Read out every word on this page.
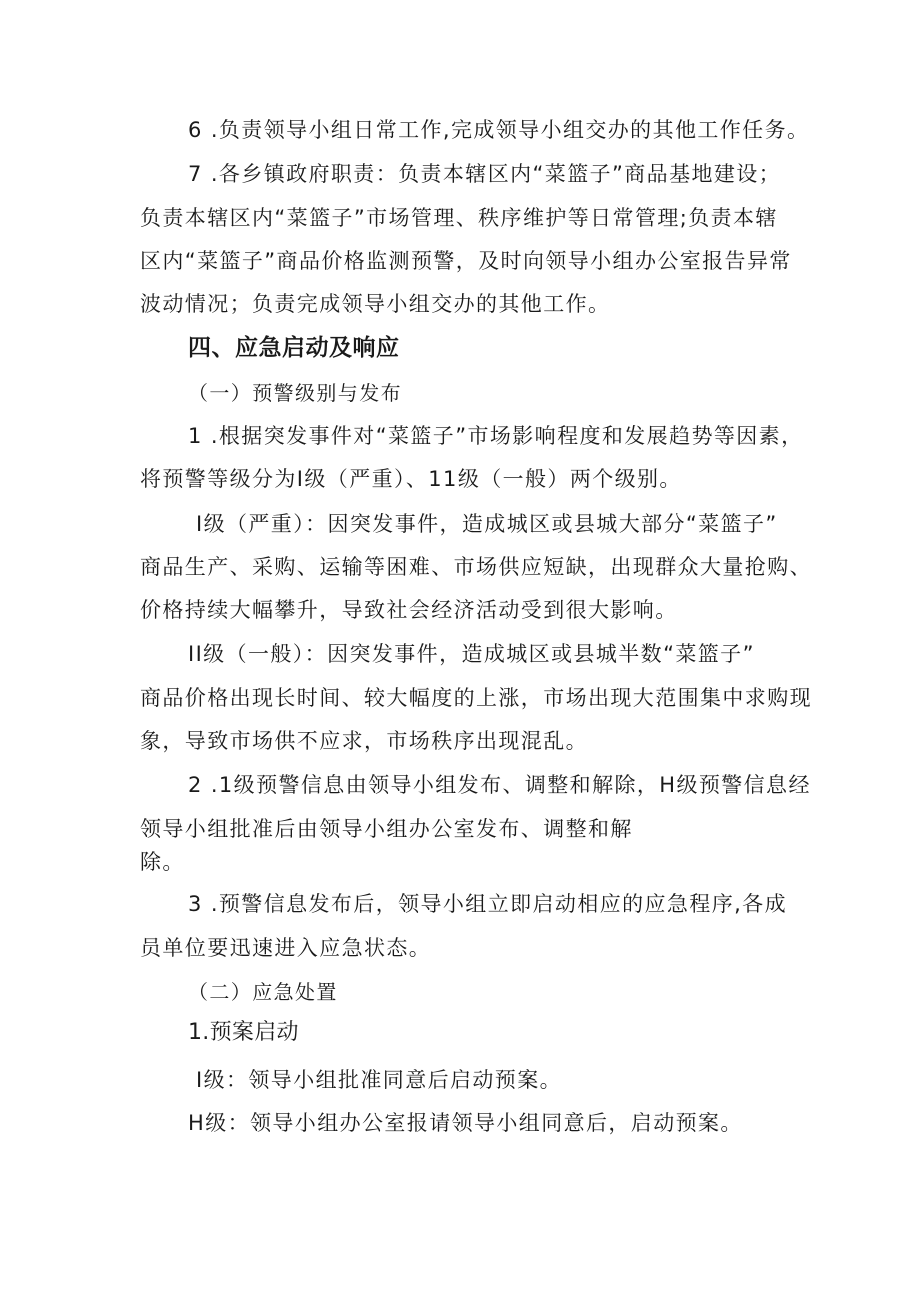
6 .负责领导小组日常工作,完成领导小组交办的其他工作任务。
7 .各乡镇政府职责：负责本辖区内“菜篮子”商品基地建设；
负责本辖区内“菜篮子”市场管理、秩序维护等日常管理;负责本辖
区内“菜篮子”商品价格监测预警，及时向领导小组办公室报告异常
波动情况；负责完成领导小组交办的其他工作。
四、应急启动及响应
（一）预警级别与发布
1 .根据突发事件对“菜篮子”市场影响程度和发展趋势等因素，
将预警等级分为I级（严重）、11级（一般）两个级别。
I级（严重）：因突发事件，造成城区或县城大部分“菜篮子”
商品生产、采购、运输等困难、市场供应短缺，出现群众大量抢购、
价格持续大幅攀升，导致社会经济活动受到很大影响。
II级（一般）：因突发事件，造成城区或县城半数“菜篮子”
商品价格出现长时间、较大幅度的上涨，市场出现大范围集中求购现
象，导致市场供不应求，市场秩序出现混乱。
2 .1级预警信息由领导小组发布、调整和解除，H级预警信息经
领导小组批准后由领导小组办公室发布、调整和解
除。
3 .预警信息发布后，领导小组立即启动相应的应急程序,各成
员单位要迅速进入应急状态。
（二）应急处置
1.预案启动
I级：领导小组批准同意后启动预案。
H级：领导小组办公室报请领导小组同意后，启动预案。
